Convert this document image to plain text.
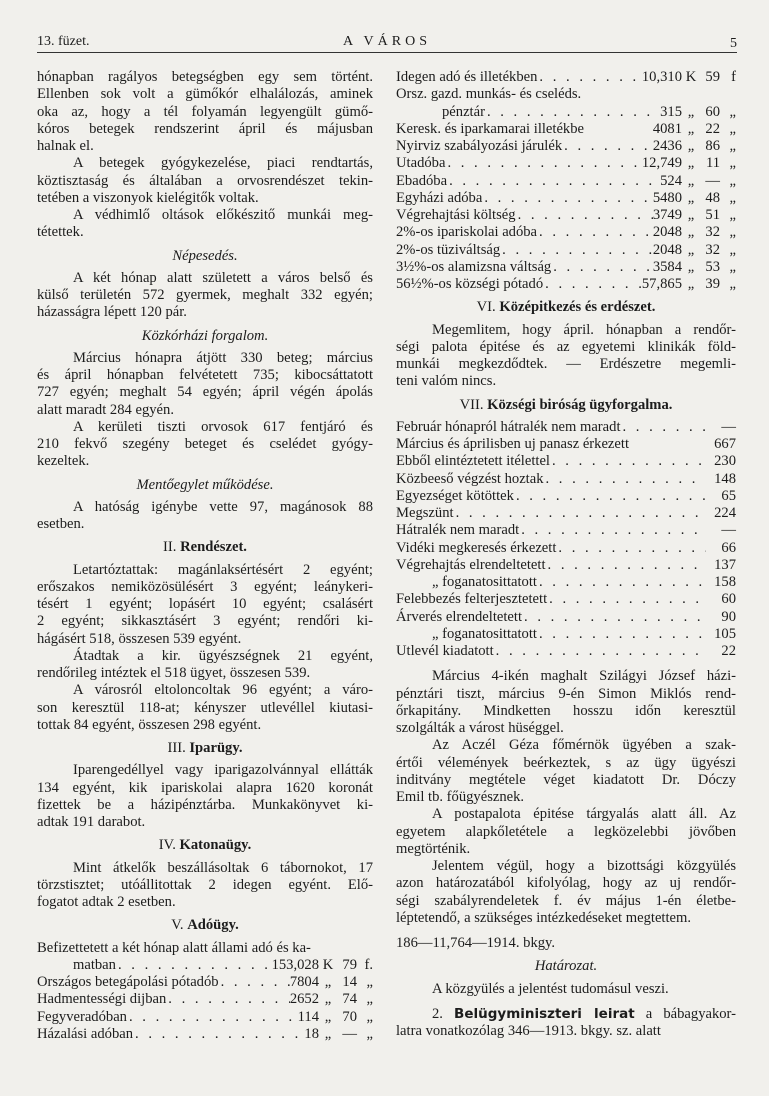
13. füzet.	A VÁROS	5
hónapban ragályos betegségben egy sem történt.
Ellenben sok volt a gümőkór elhalálozás, aminek
oka az, hogy a tél folyamán legyengült gümő-
kóros betegek rendszerint ápril és májusban
halnak el.
A betegek gyógykezelése, piaci rendtartás,
köztisztaság és általában a orvosrendészet tekin-
tetében a viszonyok kielégitők voltak.
A védhimlő oltások előkészitő munkái meg-
tétettek.
Népesedés.
A két hónap alatt született a város belső és
külső területén 572 gyermek, meghalt 332 egyén;
házasságra lépett 120 pár.
Közkórházi forgalom.
Március hónapra átjött 330 beteg; március
és ápril hónapban felvétetett 735; kibocsáttatott
727 egyén; meghalt 54 egyén; ápril végén ápolás
alatt maradt 284 egyén.
A kerületi tiszti orvosok 617 fentjáró és
210 fekvő szegény beteget és cselédet gyógy-
kezeltek.
Mentőegylet működése.
A hatóság igénybe vette 97, magánosok 88
esetben.
II. Rendészet.
Letartóztattak: magánlaksértésért 2 egyént;
erőszakos nemiközösülésért 3 egyént; leánykeri-
tésért 1 egyént; lopásért 10 egyént; csalásért
2 egyént; sikkasztásért 3 egyént; rendőri ki-
hágásért 518, összesen 539 egyént.
Átadtak a kir. ügyészségnek 21 egyént,
rendőrileg intéztek el 518 ügyet, összesen 539.
A városról eltoloncoltak 96 egyént; a váro-
son keresztül 118-at; kényszer utlevéllel kiutasi-
tottak 84 egyént, összesen 298 egyént.
III. Iparügy.
Iparengedéllyel vagy iparigazolvánnyal ellátták
134 egyént, kik ipariskolai alapra 1620 koronát
fizettek be a házipénztárba. Munkakönyvet ki-
adtak 191 darabot.
IV. Katonaügy.
Mint átkelők beszállásoltak 6 tábornokot, 17
törzstisztet; utóállitottak 2 idegen egyént. Elő-
fogatot adtak 2 esetben.
V. Adóügy.
Befizettetett a két hónap alatt állami adó és ka-
matban . . .	153,028 K 79 f.
Országos betegápolási pótadób . . .	7804 „ 14 „
Hadmentességi dijban . . .	2652 „ 74 „
Fegyveradóban . . .	114 „ 70 „
Házalási adóban . . .	18 „ — „
Idegen adó és illetékben . . .	10,310 K 59 f
Orsz. gazd. munkás- és cseléds.
pénztár . . .	315 „ 60 „
Keresk. és iparkamarai illetékbe	4081 „ 22 „
Nyirviz szabályozási járulék . . .	2436 „ 86 „
Utadóba . . .	12,749 „ 11 „
Ebadóba . . .	524 „ — „
Egyházi adóba . . .	5480 „ 48 „
Végrehajtási költség . . .	3749 „ 51 „
2%-os ipariskolai adóba . . .	2048 „ 32 „
2%-os tüziváltság . . .	2048 „ 32 „
3½%-os alamizsna váltság . . .	3584 „ 53 „
56½%-os községi pótadó . . .	57,865 „ 39 „
VI. Középitkezés és erdészet.
Megemlitem, hogy ápril. hónapban a rendőr-
ségi palota épitése és az egyetemi klinikák föld-
munkái megkezdődtek. — Erdészetre megemli-
teni valóm nincs.
VII. Községi biróság ügyforgalma.
Február hónapról hátralék nem maradt . . .	—
Március és áprilisben uj panasz érkezett	667
Ebből elintéztetett itélettel . . .	230
Közbeeső végzést hoztak . . .	148
Egyezséget kötöttek . . .	65
Megszünt . . .	224
Hátralék nem maradt . . .	—
Vidéki megkeresés érkezett . . .	66
Végrehajtás elrendeltetett . . .	137
„ foganatosittatott . . .	158
Felebbezés felterjesztetett . . .	60
Árverés elrendeltetett . . .	90
„ foganatosittatott . . .	105
Utlevél kiadatott . . .	22
Március 4-ikén maghalt Szilágyi József házi-
pénztári tiszt, március 9-én Simon Miklós rend-
őrkapitány. Mindketten hosszu időn keresztül
szolgálták a várost hüséggel.
Az Aczél Géza főmérnök ügyében a szak-
értői vélemények beérkeztek, s az ügy ügyészi
inditvány megtétele véget kiadatott Dr. Dóczy
Emil tb. főügyésznek.
A postapalota épitése tárgyalás alatt áll. Az
egyetem alapkőletétele a legközelebbi jövőben
megtörténik.
Jelentem végül, hogy a bizottsági közgyülés
azon határozatából kifolyólag, hogy az uj rendőr-
ségi szabályrendeletek f. év május 1-én életbe-
léptetendő, a szükséges intézkedéseket megtettem.
186—11,764—1914. bkgy.
Határozat.
A közgyülés a jelentést tudomásul veszi.
2. Belügyminiszteri leirat a bábagyakor-
latra vonatkozólag 346—1913. bkgy. sz. alatt
